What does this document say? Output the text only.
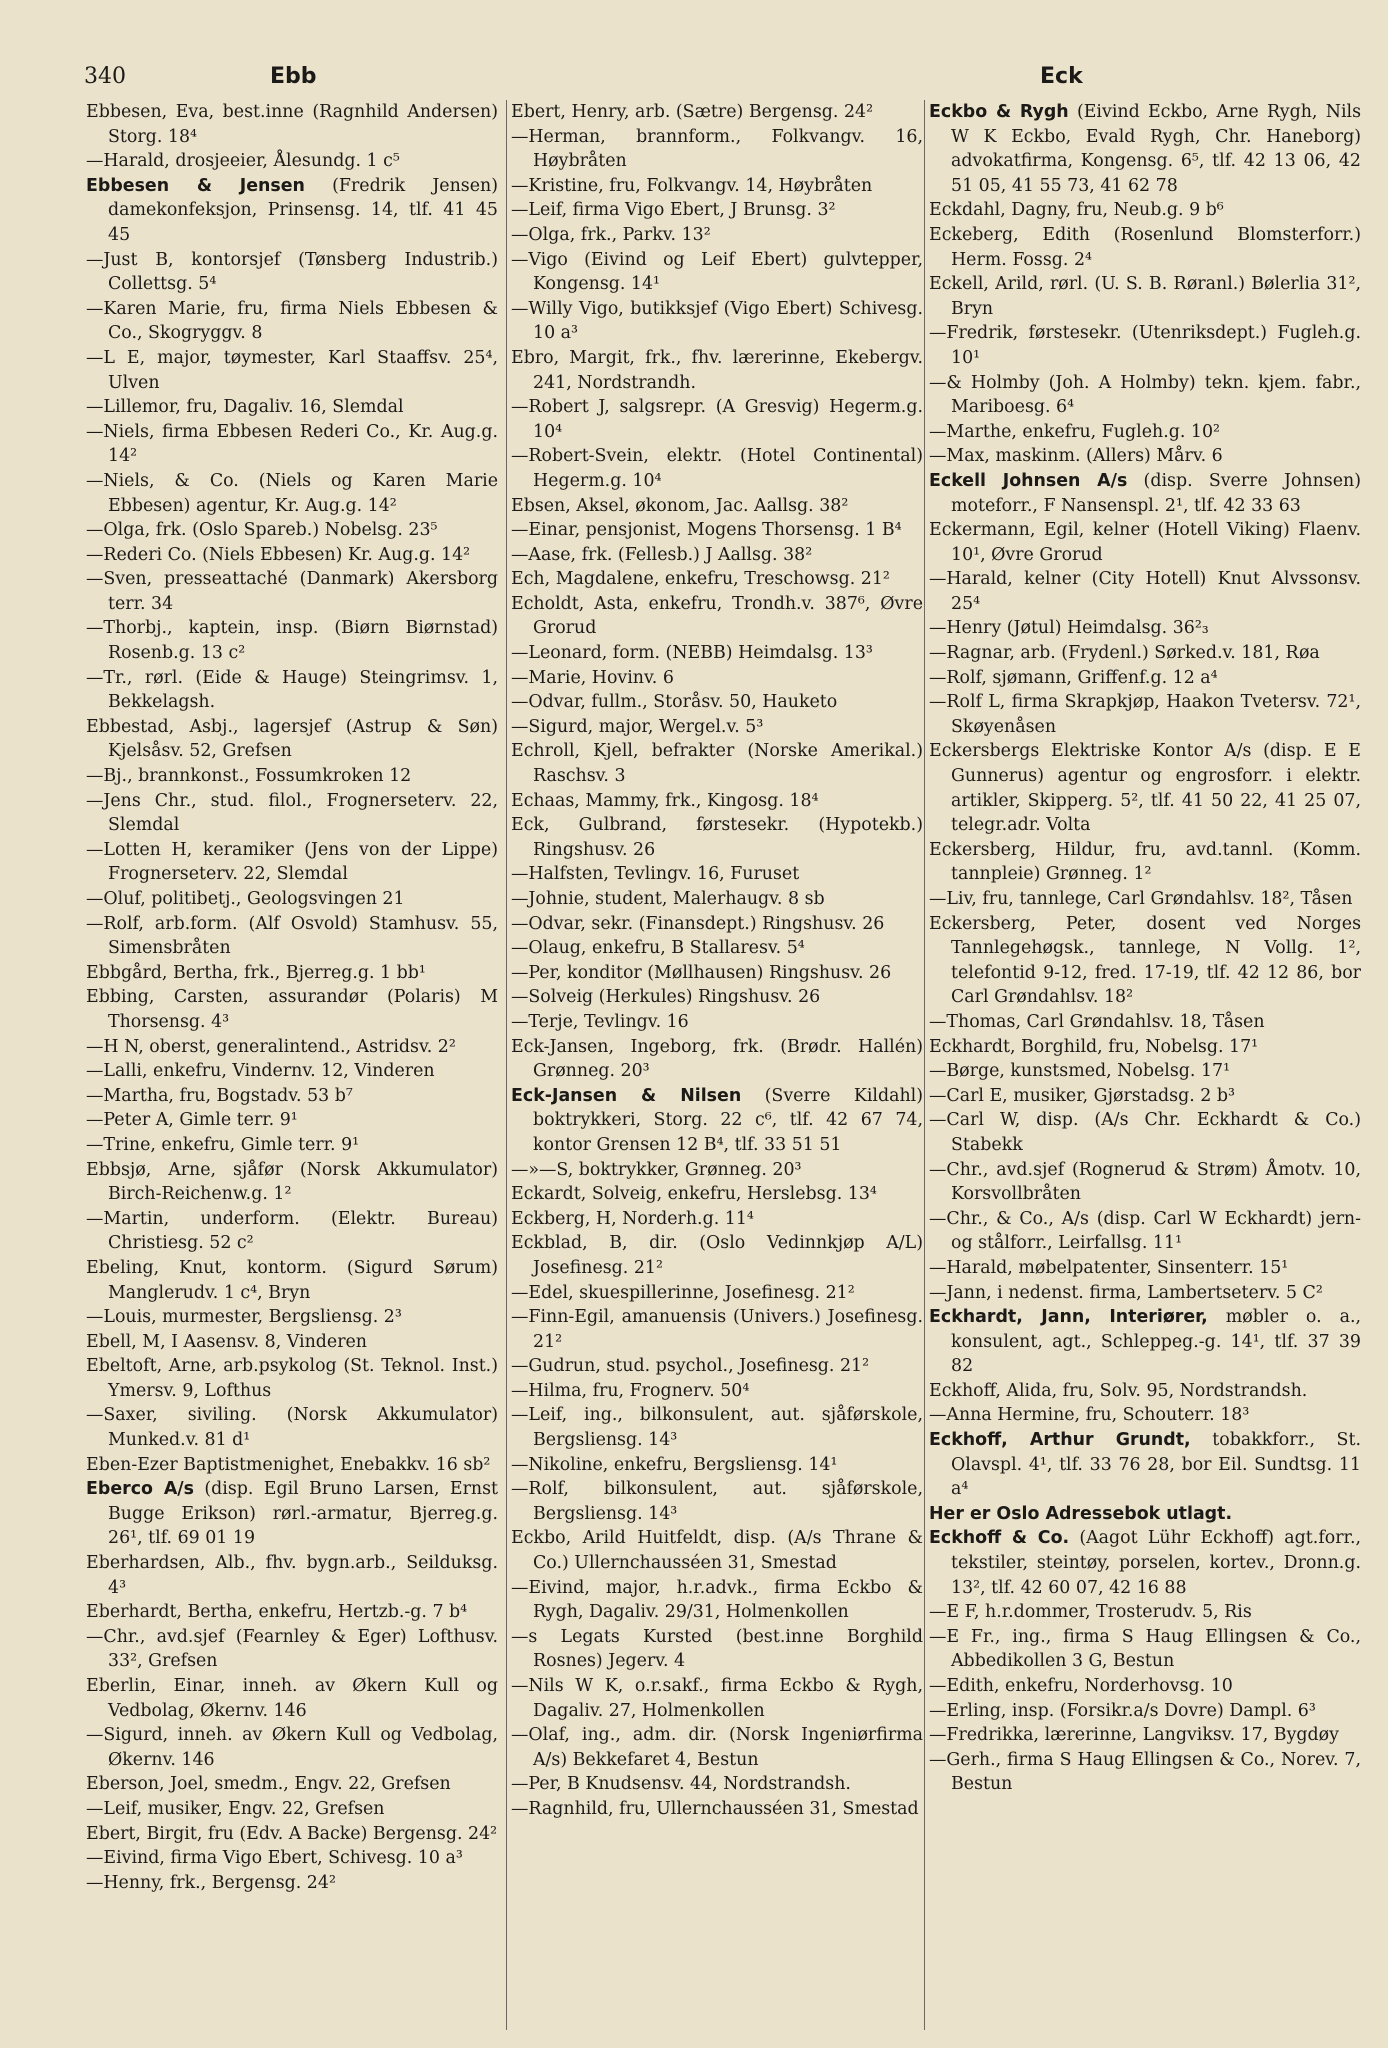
340	Ebb	Eck

Ebbesen, Eva, best.inne (Ragnhild Andersen) Storg. 18⁴

—Harald, drosjeeier, Ålesundg. 1 c⁵

Ebbesen & Jensen (Fredrik Jensen) damekonfeksjon, Prinsensg. 14, tlf. 41 45 45

—Just B, kontorsjef (Tønsberg Industrib.) Collettsg. 5⁴

—Karen Marie, fru, firma Niels Ebbesen & Co., Skogryggv. 8

—L E, major, tøymester, Karl Staaffsv. 25⁴, Ulven

—Lillemor, fru, Dagaliv. 16, Slemdal

—Niels, firma Ebbesen Rederi Co., Kr. Aug.g. 14²

—Niels, & Co. (Niels og Karen Marie Ebbesen) agentur, Kr. Aug.g. 14²

—Olga, frk. (Oslo Spareb.) Nobelsg. 23⁵

—Rederi Co. (Niels Ebbesen) Kr. Aug.g. 14²

—Sven, presseattaché (Danmark) Akersborg terr. 34

—Thorbj., kaptein, insp. (Biørn Biørnstad) Rosenb.g. 13 c²

—Tr., rørl. (Eide & Hauge) Steingrimsv. 1, Bekkelagsh.

Ebbestad, Asbj., lagersjef (Astrup & Søn) Kjelsåsv. 52, Grefsen

—Bj., brannkonst., Fossumkroken 12

—Jens Chr., stud. filol., Frognerseterv. 22, Slemdal

—Lotten H, keramiker (Jens von der Lippe) Frognerseterv. 22, Slemdal

—Oluf, politibetj., Geologsvingen 21

—Rolf, arb.form. (Alf Osvold) Stamhusv. 55, Simensbråten

Ebbgård, Bertha, frk., Bjerreg.g. 1 bb¹

Ebbing, Carsten, assurandør (Polaris) M Thorsensg. 4³

—H N, oberst, generalintend., Astridsv. 2²

—Lalli, enkefru, Vindernv. 12, Vinderen

—Martha, fru, Bogstadv. 53 b⁷

—Peter A, Gimle terr. 9¹

—Trine, enkefru, Gimle terr. 9¹

Ebbsjø, Arne, sjåfør (Norsk Akkumulator) Birch-Reichenw.g. 1²

—Martin, underform. (Elektr. Bureau) Christiesg. 52 c²

Ebeling, Knut, kontorm. (Sigurd Sørum) Manglerudv. 1 c⁴, Bryn

—Louis, murmester, Bergsliensg. 2³

Ebell, M, I Aasensv. 8, Vinderen

Ebeltoft, Arne, arb.psykolog (St. Teknol. Inst.) Ymersv. 9, Lofthus

—Saxer, siviling. (Norsk Akkumulator) Munked.v. 81 d¹

Eben-Ezer Baptistmenighet, Enebakkv. 16 sb²

Eberco A/s (disp. Egil Bruno Larsen, Ernst Bugge Erikson) rørl.-armatur, Bjerreg.g. 26¹, tlf. 69 01 19

Eberhardsen, Alb., fhv. bygn.arb., Seilduksg. 4³

Eberhardt, Bertha, enkefru, Hertzb.-g. 7 b⁴

—Chr., avd.sjef (Fearnley & Eger) Lofthusv. 33², Grefsen

Eberlin, Einar, inneh. av Økern Kull og Vedbolag, Økernv. 146

—Sigurd, inneh. av Økern Kull og Vedbolag, Økernv. 146

Eberson, Joel, smedm., Engv. 22, Grefsen

—Leif, musiker, Engv. 22, Grefsen

Ebert, Birgit, fru (Edv. A Backe) Bergensg. 24²

—Eivind, firma Vigo Ebert, Schivesg. 10 a³

—Henny, frk., Bergensg. 24²

Ebert, Henry, arb. (Sætre) Bergensg. 24²

—Herman, brannform., Folkvangv. 16, Høybråten

—Kristine, fru, Folkvangv. 14, Høybråten

—Leif, firma Vigo Ebert, J Brunsg. 3²

—Olga, frk., Parkv. 13²

—Vigo (Eivind og Leif Ebert) gulvtepper, Kongensg. 14¹

—Willy Vigo, butikksjef (Vigo Ebert) Schivesg. 10 a³

Ebro, Margit, frk., fhv. lærerinne, Ekebergv. 241, Nordstrandh.

—Robert J, salgsrepr. (A Gresvig) Hegerm.g. 10⁴

—Robert-Svein, elektr. (Hotel Continental) Hegerm.g. 10⁴

Ebsen, Aksel, økonom, Jac. Aallsg. 38²

—Einar, pensjonist, Mogens Thorsensg. 1 B⁴

—Aase, frk. (Fellesb.) J Aallsg. 38²

Ech, Magdalene, enkefru, Treschowsg. 21²

Echoldt, Asta, enkefru, Trondh.v. 387⁶, Øvre Grorud

—Leonard, form. (NEBB) Heimdalsg. 13³

—Marie, Hovinv. 6

—Odvar, fullm., Storåsv. 50, Hauketo

—Sigurd, major, Wergel.v. 5³

Echroll, Kjell, befrakter (Norske Amerikal.) Raschsv. 3

Echaas, Mammy, frk., Kingosg. 18⁴

Eck, Gulbrand, førstesekr. (Hypotekb.) Ringshusv. 26

—Halfsten, Tevlingv. 16, Furuset

—Johnie, student, Malerhaugv. 8 sb

—Odvar, sekr. (Finansdept.) Ringshusv. 26

—Olaug, enkefru, B Stallaresv. 5⁴

—Per, konditor (Møllhausen) Ringshusv. 26

—Solveig (Herkules) Ringshusv. 26

—Terje, Tevlingv. 16

Eck-Jansen, Ingeborg, frk. (Brødr. Hallén) Grønneg. 20³

Eck-Jansen & Nilsen (Sverre Kildahl) boktrykkeri, Storg. 22 c⁶, tlf. 42 67 74, kontor Grensen 12 B⁴, tlf. 33 51 51

—»—S, boktrykker, Grønneg. 20³

Eckardt, Solveig, enkefru, Herslebsg. 13⁴

Eckberg, H, Norderh.g. 11⁴

Eckblad, B, dir. (Oslo Vedinnkjøp A/L) Josefinesg. 21²

—Edel, skuespillerinne, Josefinesg. 21²

—Finn-Egil, amanuensis (Univers.) Josefinesg. 21²

—Gudrun, stud. psychol., Josefinesg. 21²

—Hilma, fru, Frognerv. 50⁴

—Leif, ing., bilkonsulent, aut. sjåførskole, Bergsliensg. 14³

—Nikoline, enkefru, Bergsliensg. 14¹

—Rolf, bilkonsulent, aut. sjåførskole, Bergsliensg. 14³

Eckbo, Arild Huitfeldt, disp. (A/s Thrane & Co.) Ullernchausséen 31, Smestad

—Eivind, major, h.r.advk., firma Eckbo & Rygh, Dagaliv. 29/31, Holmenkollen

—s Legats Kursted (best.inne Borghild Rosnes) Jegerv. 4

—Nils W K, o.r.sakf., firma Eckbo & Rygh, Dagaliv. 27, Holmenkollen

—Olaf, ing., adm. dir. (Norsk Ingeniørfirma A/s) Bekkefaret 4, Bestun

—Per, B Knudsensv. 44, Nordstrandsh.

—Ragnhild, fru, Ullernchausséen 31, Smestad

Eckbo & Rygh (Eivind Eckbo, Arne Rygh, Nils W K Eckbo, Evald Rygh, Chr. Haneborg) advokatfirma, Kongensg. 6⁵, tlf. 42 13 06, 42 51 05, 41 55 73, 41 62 78

Eckdahl, Dagny, fru, Neub.g. 9 b⁶

Eckeberg, Edith (Rosenlund Blomsterforr.) Herm. Fossg. 2⁴

Eckell, Arild, rørl. (U. S. B. Røranl.) Bølerlia 31², Bryn

—Fredrik, førstesekr. (Utenriksdept.) Fugleh.g. 10¹

—& Holmby (Joh. A Holmby) tekn. kjem. fabr., Mariboesg. 6⁴

—Marthe, enkefru, Fugleh.g. 10²

—Max, maskinm. (Allers) Mårv. 6

Eckell Johnsen A/s (disp. Sverre Johnsen) moteforr., F Nansenspl. 2¹, tlf. 42 33 63

Eckermann, Egil, kelner (Hotell Viking) Flaenv. 10¹, Øvre Grorud

—Harald, kelner (City Hotell) Knut Alvssonsv. 25⁴

—Henry (Jøtul) Heimdalsg. 36²₃

—Ragnar, arb. (Frydenl.) Sørked.v. 181, Røa

—Rolf, sjømann, Griffenf.g. 12 a⁴

—Rolf L, firma Skrapkjøp, Haakon Tvetersv. 72¹, Skøyenåsen

Eckersbergs Elektriske Kontor A/s (disp. E E Gunnerus) agentur og engrosforr. i elektr. artikler, Skipperg. 5², tlf. 41 50 22, 41 25 07, telegr.adr. Volta

Eckersberg, Hildur, fru, avd.tannl. (Komm. tannpleie) Grønneg. 1²

—Liv, fru, tannlege, Carl Grøndahlsv. 18², Tåsen

Eckersberg, Peter, dosent ved Norges Tannlegehøgsk., tannlege, N Vollg. 1², telefontid 9-12, fred. 17-19, tlf. 42 12 86, bor Carl Grøndahlsv. 18²

—Thomas, Carl Grøndahlsv. 18, Tåsen

Eckhardt, Borghild, fru, Nobelsg. 17¹

—Børge, kunstsmed, Nobelsg. 17¹

—Carl E, musiker, Gjørstadsg. 2 b³

—Carl W, disp. (A/s Chr. Eckhardt & Co.) Stabekk

—Chr., avd.sjef (Rognerud & Strøm) Åmotv. 10, Korsvollbråten

—Chr., & Co., A/s (disp. Carl W Eckhardt) jern- og stålforr., Leirfallsg. 11¹

—Harald, møbelpatenter, Sinsenterr. 15¹

—Jann, i nedenst. firma, Lambertseterv. 5 C²

Eckhardt, Jann, Interiører, møbler o. a., konsulent, agt., Schleppeg.-g. 14¹, tlf. 37 39 82

Eckhoff, Alida, fru, Solv. 95, Nordstrandsh.

—Anna Hermine, fru, Schouterr. 18³

Eckhoff, Arthur Grundt, tobakkforr., St. Olavspl. 4¹, tlf. 33 76 28, bor Eil. Sundtsg. 11 a⁴

Her er Oslo Adressebok utlagt.

Eckhoff & Co. (Aagot Lühr Eckhoff) agt.forr., tekstiler, steintøy, porselen, kortev., Dronn.g. 13², tlf. 42 60 07, 42 16 88

—E F, h.r.dommer, Trosterudv. 5, Ris

—E Fr., ing., firma S Haug Ellingsen & Co., Abbedikollen 3 G, Bestun

—Edith, enkefru, Norderhovsg. 10

—Erling, insp. (Forsikr.a/s Dovre) Dampl. 6³

—Fredrikka, lærerinne, Langviksv. 17, Bygdøy

—Gerh., firma S Haug Ellingsen & Co., Norev. 7, Bestun
